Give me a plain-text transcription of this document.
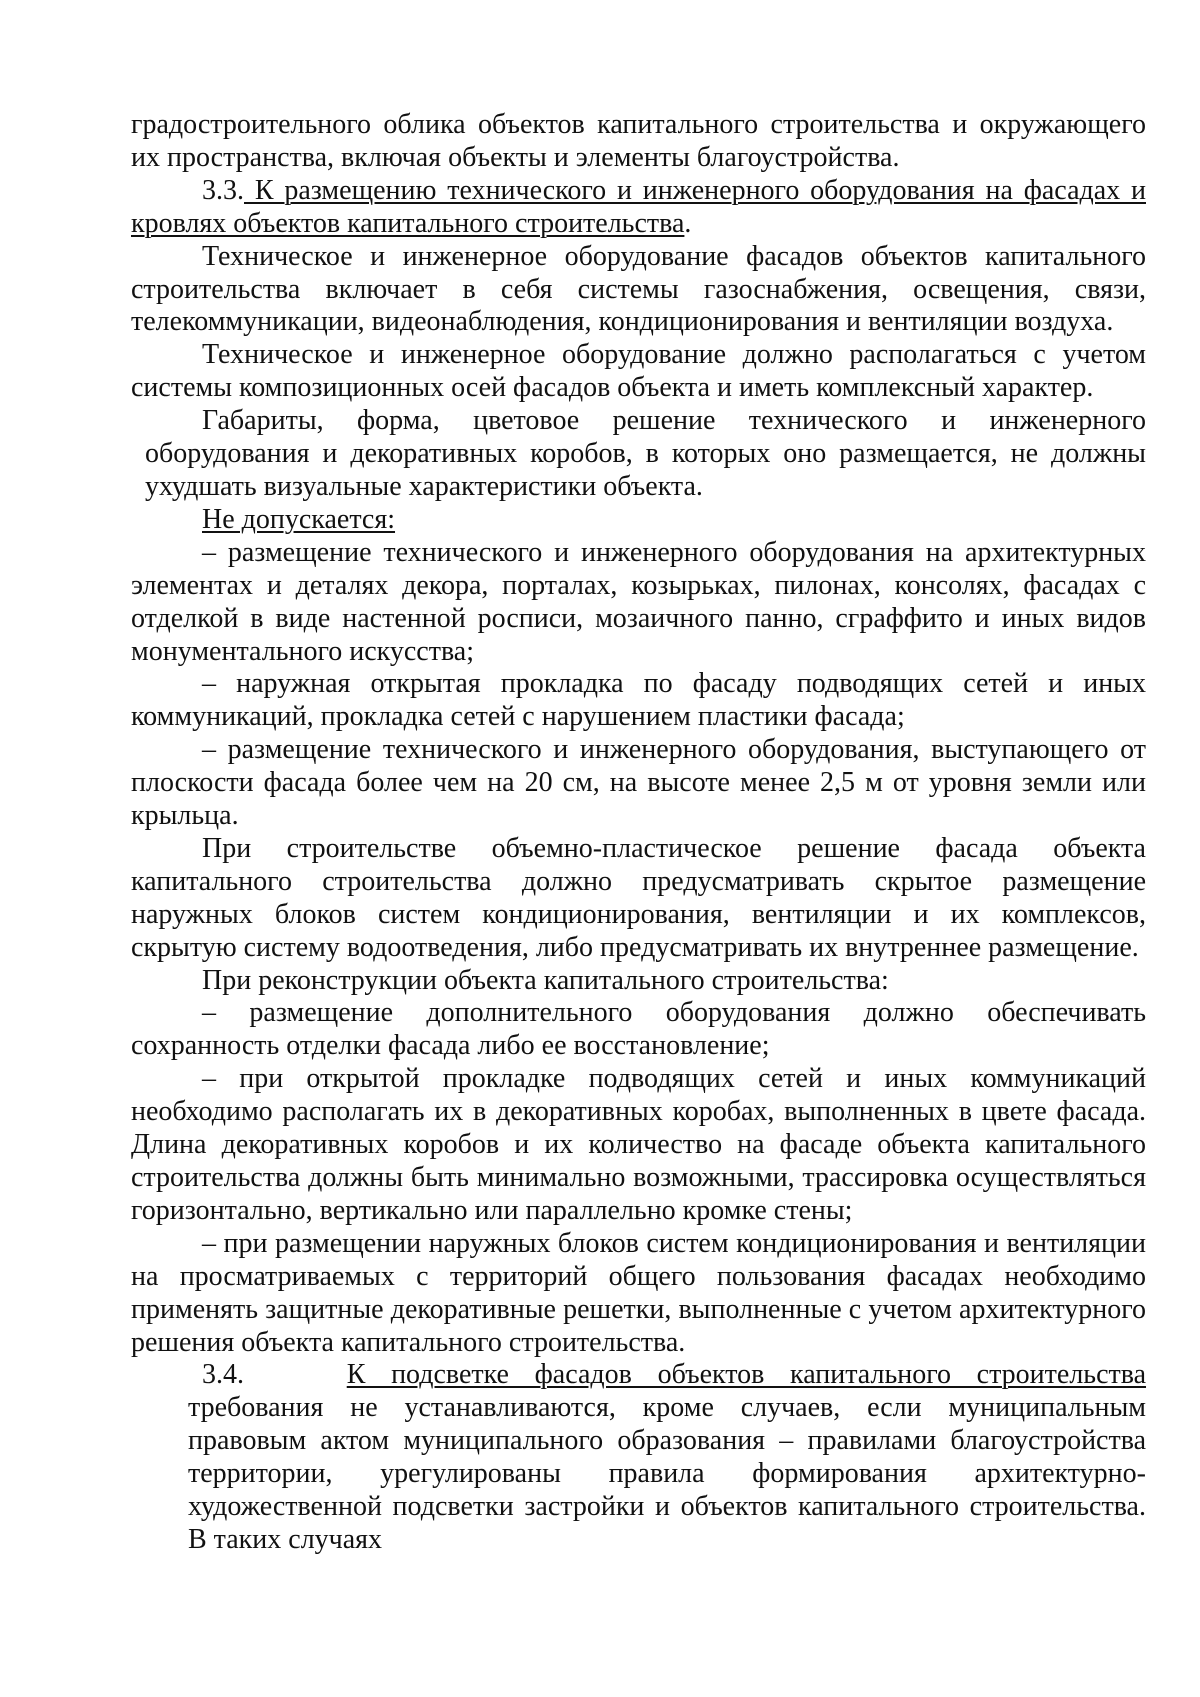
градостроительного облика объектов капитального строительства и окружающего их пространства, включая объекты и элементы благоустройства.

3.3. К размещению технического и инженерного оборудования на фасадах и кровлях объектов капитального строительства.

Техническое и инженерное оборудование фасадов объектов капитального строительства включает в себя системы газоснабжения, освещения, связи, телекоммуникации, видеонаблюдения, кондиционирования и вентиляции воздуха.

Техническое и инженерное оборудование должно располагаться с учетом системы композиционных осей фасадов объекта и иметь комплексный характер.

Габариты, форма, цветовое решение технического и инженерного оборудования и декоративных коробов, в которых оно размещается, не должны ухудшать визуальные характеристики объекта.

Не допускается:

– размещение технического и инженерного оборудования на архитектурных элементах и деталях декора, порталах, козырьках, пилонах, консолях, фасадах с отделкой в виде настенной росписи, мозаичного панно, сграффито и иных видов монументального искусства;

– наружная открытая прокладка по фасаду подводящих сетей и иных коммуникаций, прокладка сетей с нарушением пластики фасада;

– размещение технического и инженерного оборудования, выступающего от плоскости фасада более чем на 20 см, на высоте менее 2,5 м от уровня земли или крыльца.

При строительстве объемно-пластическое решение фасада объекта капитального строительства должно предусматривать скрытое размещение наружных блоков систем кондиционирования, вентиляции и их комплексов, скрытую систему водоотведения, либо предусматривать их внутреннее размещение.

При реконструкции объекта капитального строительства:

– размещение дополнительного оборудования должно обеспечивать сохранность отделки фасада либо ее восстановление;

– при открытой прокладке подводящих сетей и иных коммуникаций необходимо располагать их в декоративных коробах, выполненных в цвете фасада. Длина декоративных коробов и их количество на фасаде объекта капитального строительства должны быть минимально возможными, трассировка осуществляться горизонтально, вертикально или параллельно кромке стены;

– при размещении наружных блоков систем кондиционирования и вентиляции на просматриваемых с территорий общего пользования фасадах необходимо применять защитные декоративные решетки, выполненные с учетом архитектурного решения объекта капитального строительства.

3.4.	К подсветке фасадов объектов капитального строительства

требования не устанавливаются, кроме случаев, если муниципальным правовым актом муниципального образования – правилами благоустройства территории, урегулированы правила формирования архитектурно-художественной подсветки застройки и объектов капитального строительства. В таких случаях
